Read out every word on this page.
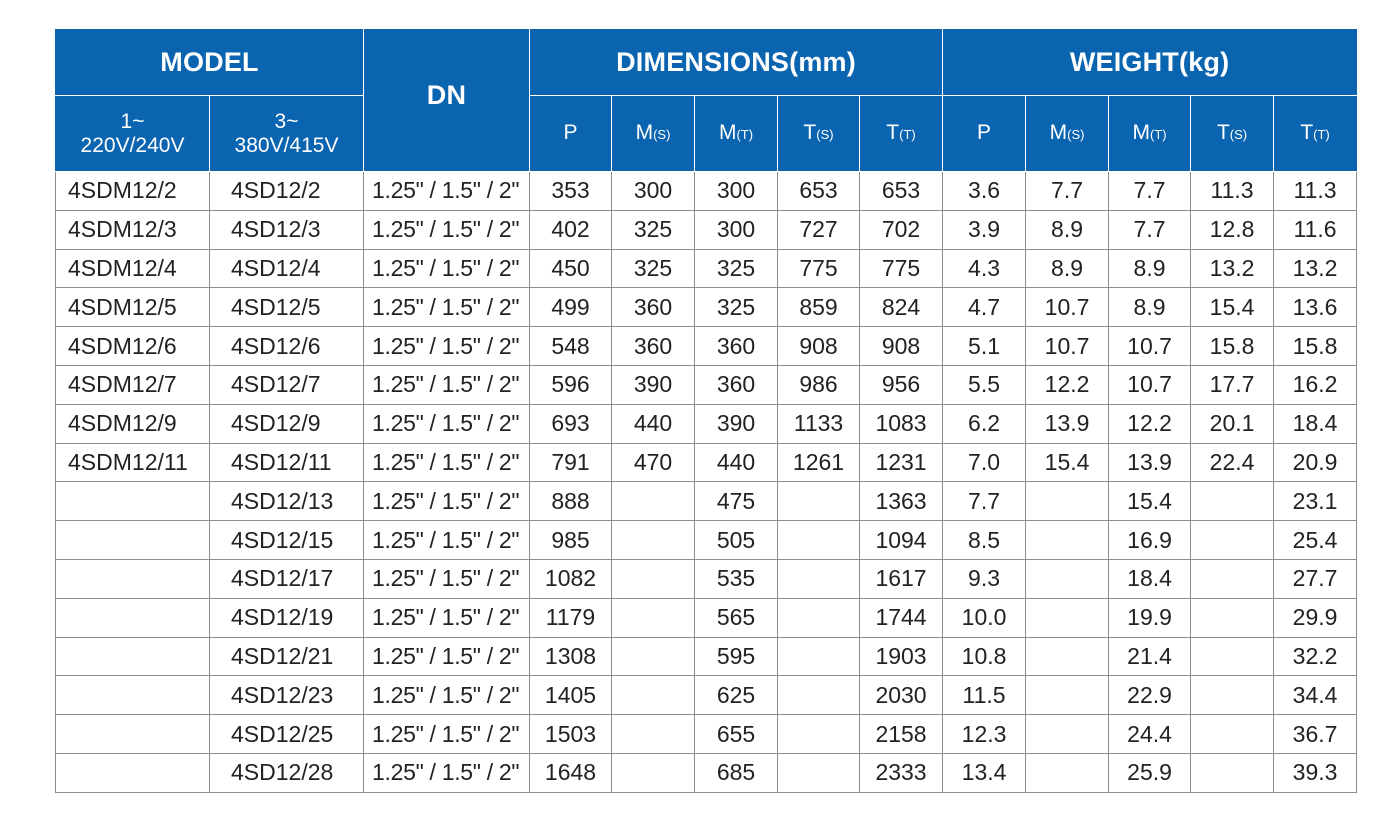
MODEL		DN	DIMENSIONS(mm)					WEIGHT(kg)				
1~
220V/240V	3~
380V/415V		P	M(S)	M(T)	T(S)	T(T)	P	M(S)	M(T)	T(S)	T(T)
4SDM12/2	4SD12/2	1.25" / 1.5" / 2"	353	300	300	653	653	3.6	7.7	7.7	11.3	11.3
4SDM12/3	4SD12/3	1.25" / 1.5" / 2"	402	325	300	727	702	3.9	8.9	7.7	12.8	11.6
4SDM12/4	4SD12/4	1.25" / 1.5" / 2"	450	325	325	775	775	4.3	8.9	8.9	13.2	13.2
4SDM12/5	4SD12/5	1.25" / 1.5" / 2"	499	360	325	859	824	4.7	10.7	8.9	15.4	13.6
4SDM12/6	4SD12/6	1.25" / 1.5" / 2"	548	360	360	908	908	5.1	10.7	10.7	15.8	15.8
4SDM12/7	4SD12/7	1.25" / 1.5" / 2"	596	390	360	986	956	5.5	12.2	10.7	17.7	16.2
4SDM12/9	4SD12/9	1.25" / 1.5" / 2"	693	440	390	1133	1083	6.2	13.9	12.2	20.1	18.4
4SDM12/11	4SD12/11	1.25" / 1.5" / 2"	791	470	440	1261	1231	7.0	15.4	13.9	22.4	20.9
	4SD12/13	1.25" / 1.5" / 2"	888		475		1363	7.7		15.4		23.1
	4SD12/15	1.25" / 1.5" / 2"	985		505		1094	8.5		16.9		25.4
	4SD12/17	1.25" / 1.5" / 2"	1082		535		1617	9.3		18.4		27.7
	4SD12/19	1.25" / 1.5" / 2"	1179		565		1744	10.0		19.9		29.9
	4SD12/21	1.25" / 1.5" / 2"	1308		595		1903	10.8		21.4		32.2
	4SD12/23	1.25" / 1.5" / 2"	1405		625		2030	11.5		22.9		34.4
	4SD12/25	1.25" / 1.5" / 2"	1503		655		2158	12.3		24.4		36.7
	4SD12/28	1.25" / 1.5" / 2"	1648		685		2333	13.4		25.9		39.3
